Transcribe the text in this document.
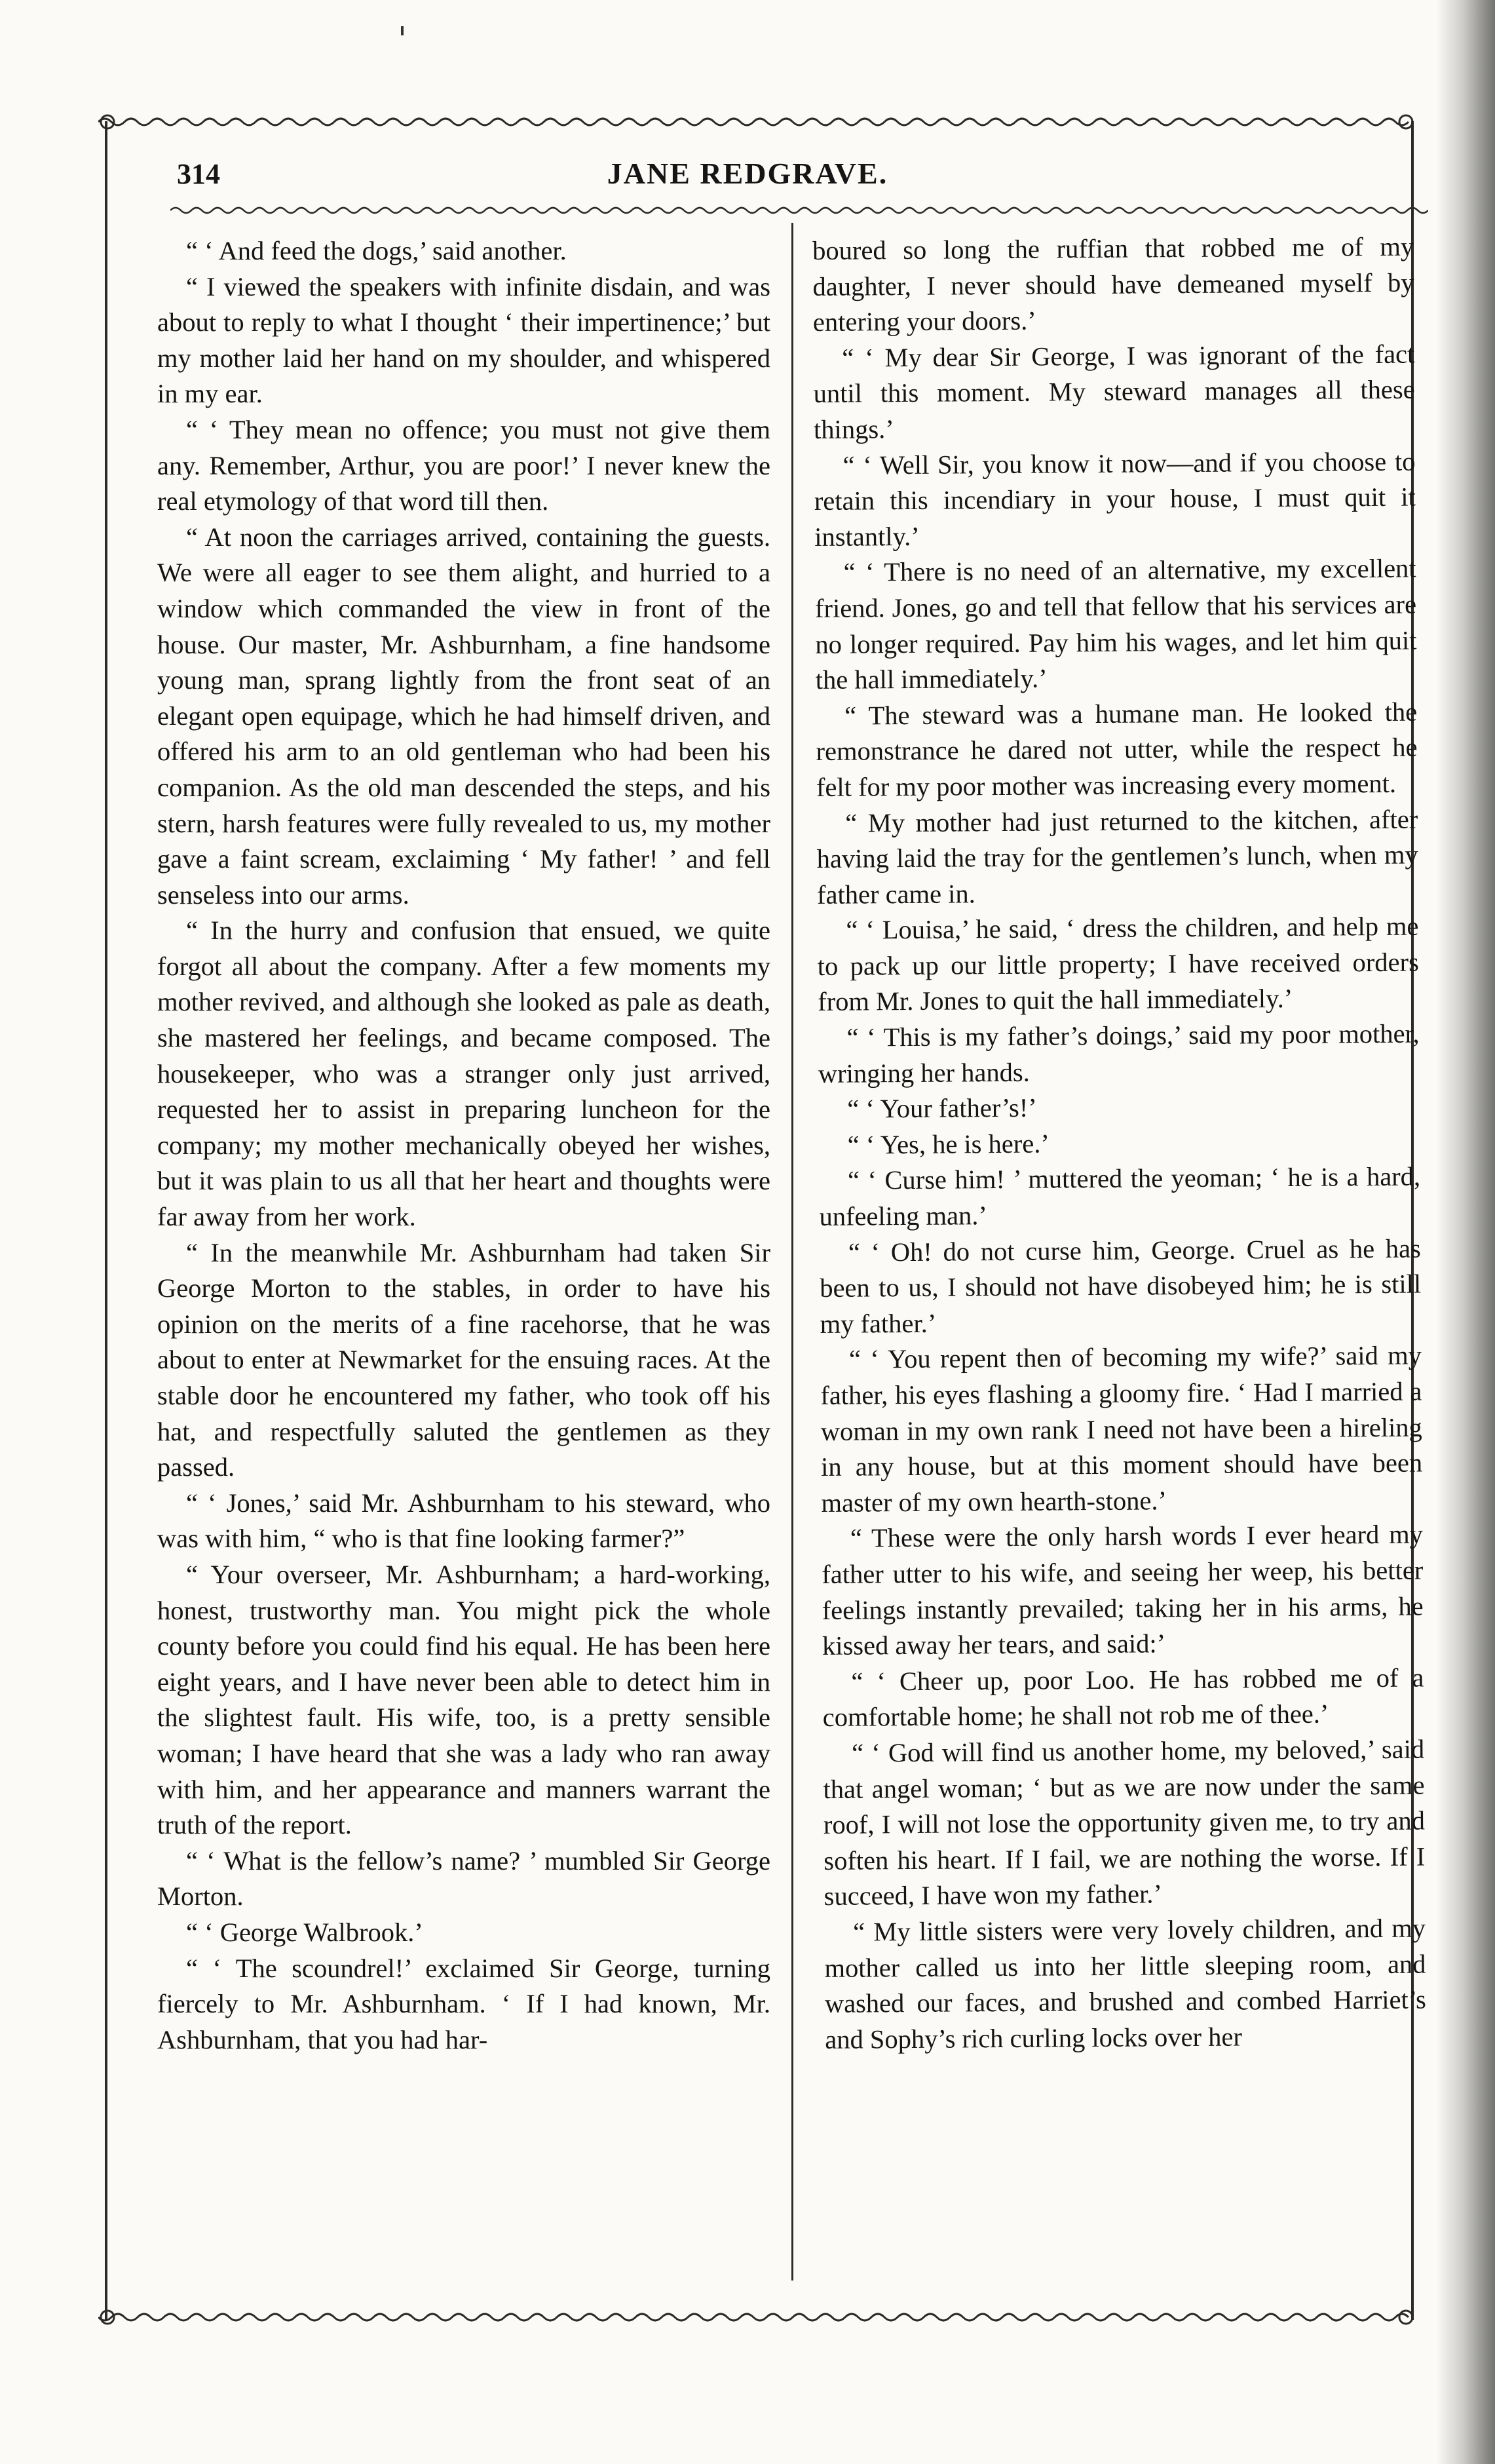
314	JANE REDGRAVE.

“ ‘ And feed the dogs,’ said another.

“ I viewed the speakers with infinite disdain, and was about to reply to what I thought ‘ their impertinence;’ but my mother laid her hand on my shoulder, and whispered in my ear.

“ ‘ They mean no offence; you must not give them any. Remember, Arthur, you are poor!’ I never knew the real etymology of that word till then.

“ At noon the carriages arrived, containing the guests. We were all eager to see them alight, and hurried to a window which commanded the view in front of the house. Our master, Mr. Ashburnham, a fine handsome young man, sprang lightly from the front seat of an elegant open equipage, which he had himself driven, and offered his arm to an old gentleman who had been his companion. As the old man descended the steps, and his stern, harsh features were fully revealed to us, my mother gave a faint scream, exclaiming ‘ My father! ’ and fell senseless into our arms.

“ In the hurry and confusion that ensued, we quite forgot all about the company. After a few moments my mother revived, and although she looked as pale as death, she mastered her feelings, and became composed. The housekeeper, who was a stranger only just arrived, requested her to assist in preparing luncheon for the company; my mother mechanically obeyed her wishes, but it was plain to us all that her heart and thoughts were far away from her work.

“ In the meanwhile Mr. Ashburnham had taken Sir George Morton to the stables, in order to have his opinion on the merits of a fine racehorse, that he was about to enter at Newmarket for the ensuing races. At the stable door he encountered my father, who took off his hat, and respectfully saluted the gentlemen as they passed.

“ ‘ Jones,’ said Mr. Ashburnham to his steward, who was with him, “ who is that fine looking farmer?”

“ Your overseer, Mr. Ashburnham; a hard-working, honest, trustworthy man. You might pick the whole county before you could find his equal. He has been here eight years, and I have never been able to detect him in the slightest fault. His wife, too, is a pretty sensible woman; I have heard that she was a lady who ran away with him, and her appearance and manners warrant the truth of the report.

“ ‘ What is the fellow’s name? ’ mumbled Sir George Morton.

“ ‘ George Walbrook.’

“ ‘ The scoundrel!’ exclaimed Sir George, turning fiercely to Mr. Ashburnham. ‘ If I had known, Mr. Ashburnham, that you had har-

boured so long the ruffian that robbed me of my daughter, I never should have demeaned myself by entering your doors.’

“ ‘ My dear Sir George, I was ignorant of the fact until this moment. My steward manages all these things.’

“ ‘ Well Sir, you know it now—and if you choose to retain this incendiary in your house, I must quit it instantly.’

“ ‘ There is no need of an alternative, my excellent friend. Jones, go and tell that fellow that his services are no longer required. Pay him his wages, and let him quit the hall immediately.’

“ The steward was a humane man. He looked the remonstrance he dared not utter, while the respect he felt for my poor mother was increasing every moment.

“ My mother had just returned to the kitchen, after having laid the tray for the gentlemen’s lunch, when my father came in.

“ ‘ Louisa,’ he said, ‘ dress the children, and help me to pack up our little property; I have received orders from Mr. Jones to quit the hall immediately.’

“ ‘ This is my father’s doings,’ said my poor mother, wringing her hands.

“ ‘ Your father’s!’

“ ‘ Yes, he is here.’

“ ‘ Curse him! ’ muttered the yeoman; ‘ he is a hard, unfeeling man.’

“ ‘ Oh! do not curse him, George. Cruel as he has been to us, I should not have disobeyed him; he is still my father.’

“ ‘ You repent then of becoming my wife?’ said my father, his eyes flashing a gloomy fire. ‘ Had I married a woman in my own rank I need not have been a hireling in any house, but at this moment should have been master of my own hearth-stone.’

“ These were the only harsh words I ever heard my father utter to his wife, and seeing her weep, his better feelings instantly prevailed; taking her in his arms, he kissed away her tears, and said:’

“ ‘ Cheer up, poor Loo. He has robbed me of a comfortable home; he shall not rob me of thee.’

“ ‘ God will find us another home, my beloved,’ said that angel woman; ‘ but as we are now under the same roof, I will not lose the opportunity given me, to try and soften his heart. If I fail, we are nothing the worse. If I succeed, I have won my father.’

“ My little sisters were very lovely children, and my mother called us into her little sleeping room, and washed our faces, and brushed and combed Harriet’s and Sophy’s rich curling locks over her
